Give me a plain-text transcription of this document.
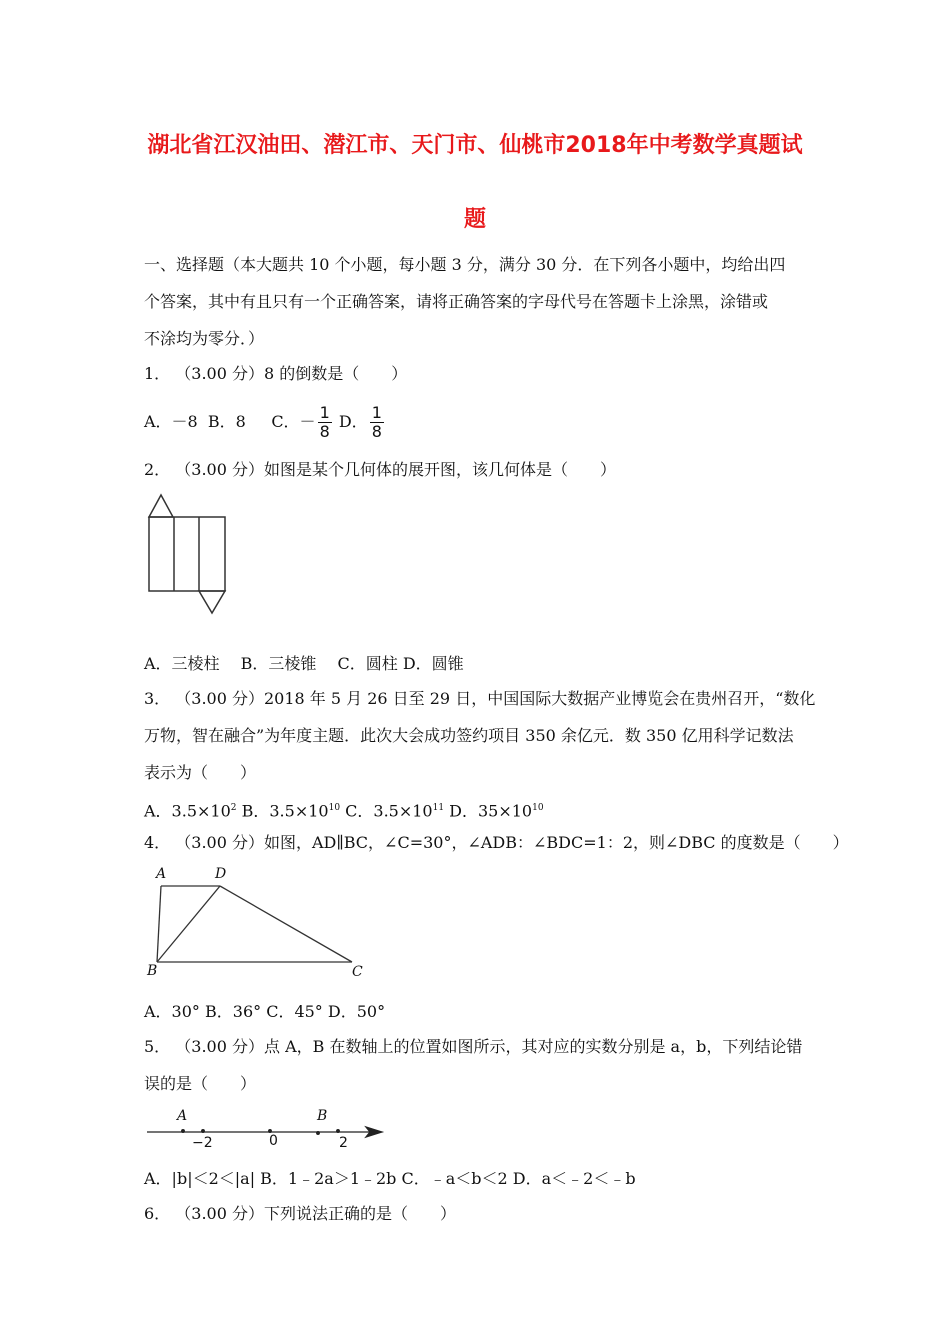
湖北省江汉油田、潜江市、天门市、仙桃市2018年中考数学真题试
题
一、选择题（本大题共 10 个小题，每小题 3 分，满分 30 分．在下列各小题中，均给出四
个答案，其中有且只有一个正确答案，请将正确答案的字母代号在答题卡上涂黑，涂错或
不涂均为零分．）
1． （3.00 分）8 的倒数是（　　）
A．－8 B．8 C．－ $\frac{1}{8}$ D． $\frac{1}{8}$
2． （3.00 分）如图是某个几何体的展开图，该几何体是（　　）
A．三棱柱　 B．三棱锥　 C．圆柱 D．圆锥
3． （3.00 分）2018 年 5 月 26 日至 29 日，中国国际大数据产业博览会在贵州召开，“数化
万物，智在融合”为年度主题．此次大会成功签约项目 350 余亿元．数 350 亿用科学记数法
表示为（　　）
A．$3.5\times 10^2$ B．$3.5\times 10^{10}$ C．$3.5\times 10^{11}$ D．$35\times 10^{10}$
4． （3.00 分）如图，AD∥BC，∠C=30°，∠ADB：∠BDC=1：2，则∠DBC 的度数是（　　）
A	D
B	C
A．30° B．36° C．45° D．50°
5． （3.00 分）点 A，B 在数轴上的位置如图所示，其对应的实数分别是 a，b，下列结论错
误的是（　　）
A	B
−2	0	2
A．|b|＜2＜|a| B．1﹣2a＞1﹣2b C．﹣a＜b＜2 D．a＜﹣2＜﹣b
6． （3.00 分）下列说法正确的是（　　）
